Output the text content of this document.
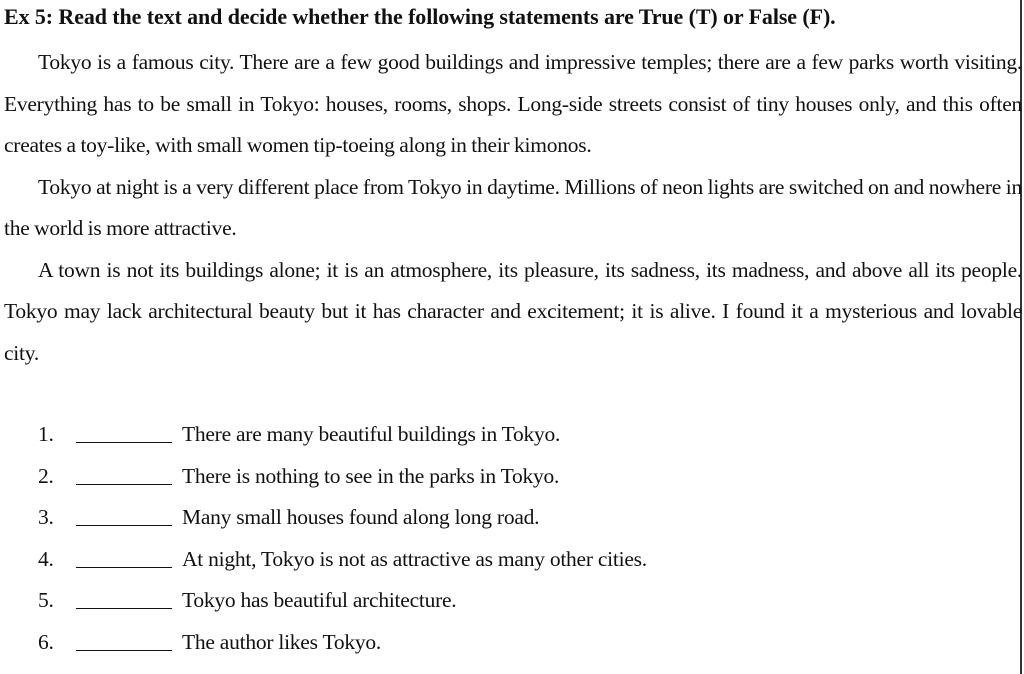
Ex 5: Read the text and decide whether the following statements are True (T) or False (F).

Tokyo is a famous city. There are a few good buildings and impressive temples; there are a few parks worth visiting. Everything has to be small in Tokyo: houses, rooms, shops. Long-side streets consist of tiny houses only, and this often creates a toy-like, with small women tip-toeing along in their kimonos.

Tokyo at night is a very different place from Tokyo in daytime. Millions of neon lights are switched on and nowhere in the world is more attractive.

A town is not its buildings alone; it is an atmosphere, its pleasure, its sadness, its madness, and above all its people. Tokyo may lack architectural beauty but it has character and excitement; it is alive. I found it a mysterious and lovable city.

1.	There are many beautiful buildings in Tokyo.
2.	There is nothing to see in the parks in Tokyo.
3.	Many small houses found along long road.
4.	At night, Tokyo is not as attractive as many other cities.
5.	Tokyo has beautiful architecture.
6.	The author likes Tokyo.
